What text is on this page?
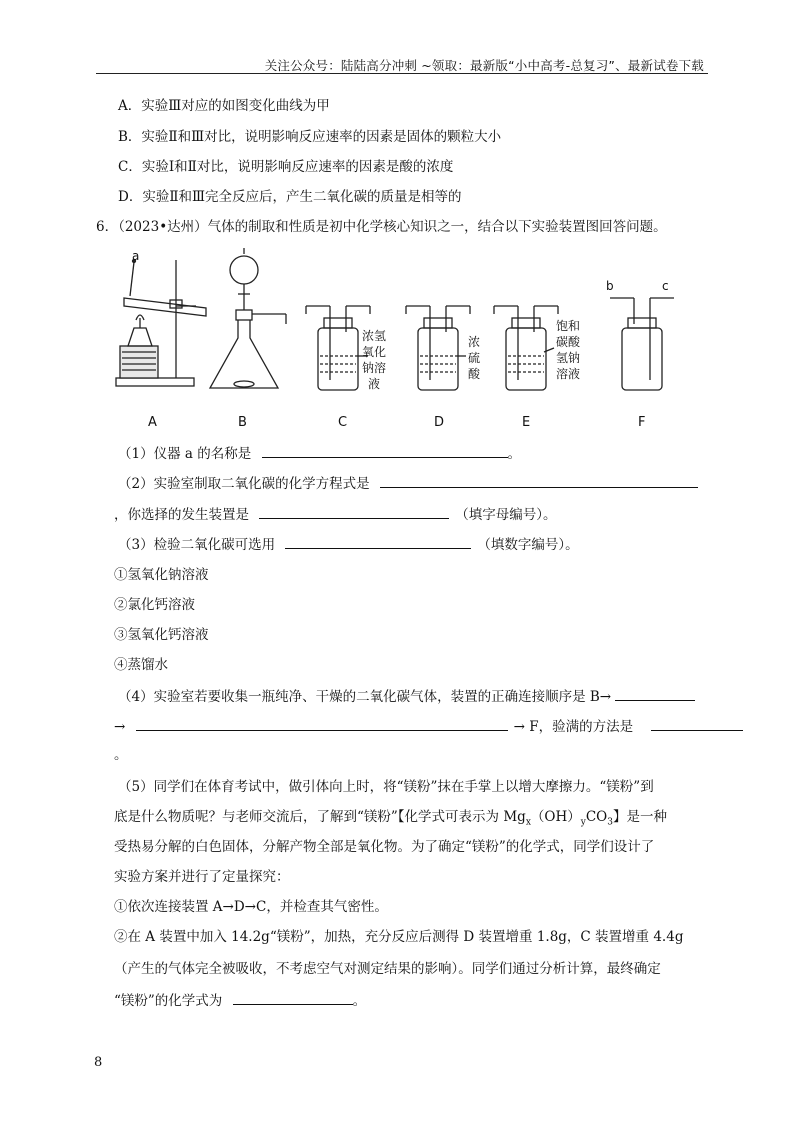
关注公众号：陆陆高分冲刺 ~领取：最新版“小中高考-总复习”、最新试卷下载
A．实验Ⅲ对应的如图变化曲线为甲
B．实验Ⅱ和Ⅲ对比，说明影响反应速率的因素是固体的颗粒大小
C．实验Ⅰ和Ⅱ对比，说明影响反应速率的因素是酸的浓度
D．实验Ⅱ和Ⅲ完全反应后，产生二氧化碳的质量是相等的
6．（2023•达州）气体的制取和性质是初中化学核心知识之一，结合以下实验装置图回答问题。
a
b	c
浓氢
氧化
钠溶
液
浓
硫
酸
饱和
碳酸
氢钠
溶液
A	B	C	D	E	F
（1）仪器 a 的名称是	。
（2）实验室制取二氧化碳的化学方程式是
，你选择的发生装置是	（填字母编号）。
（3）检验二氧化碳可选用	（填数字编号）。
①氢氧化钠溶液
②氯化钙溶液
③氢氧化钙溶液
④蒸馏水
（4）实验室若要收集一瓶纯净、干燥的二氧化碳气体，装置的正确连接顺序是 B→
→	→ F，验满的方法是
。
（5）同学们在体育考试中，做引体向上时，将“镁粉”抹在手掌上以增大摩擦力。“镁粉”到
底是什么物质呢？与老师交流后，了解到“镁粉”【化学式可表示为 $Mg_x(OH)_yCO_3$】是一种
受热易分解的白色固体，分解产物全部是氧化物。为了确定“镁粉”的化学式，同学们设计了
实验方案并进行了定量探究：
①依次连接装置 A→D→C，并检查其气密性。
②在 A 装置中加入 14.2g“镁粉”，加热，充分反应后测得 D 装置增重 1.8g，C 装置增重 4.4g
（产生的气体完全被吸收，不考虑空气对测定结果的影响）。同学们通过分析计算，最终确定
“镁粉”的化学式为	。
8
